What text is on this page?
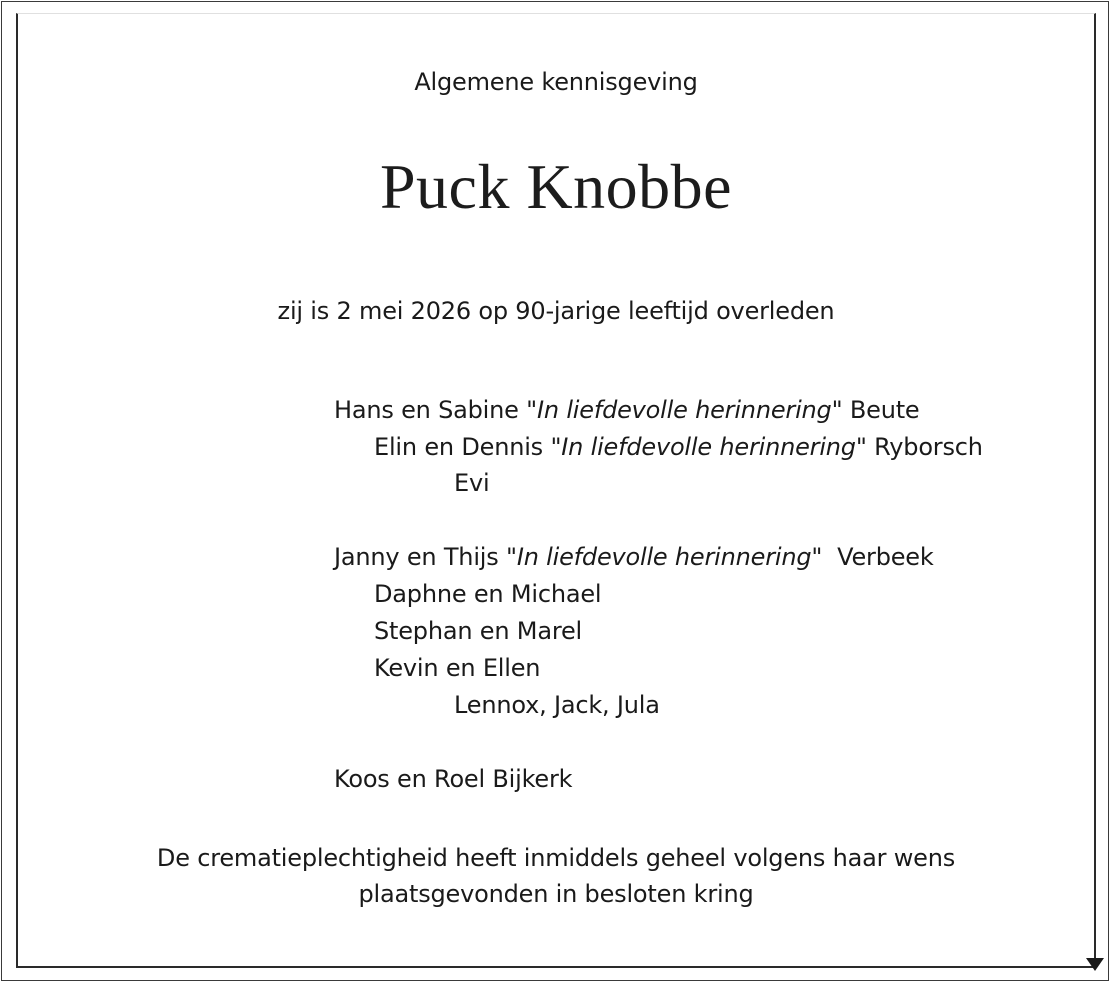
Algemene kennisgeving
Puck Knobbe
zij is 2 mei 2026 op 90-jarige leeftijd overleden
Hans en Sabine "In liefdevolle herinnering" Beute
Elin en Dennis "In liefdevolle herinnering" Ryborsch
Evi
Janny en Thijs "In liefdevolle herinnering" Verbeek
Daphne en Michael
Stephan en Marel
Kevin en Ellen
Lennox, Jack, Jula
Koos en Roel Bijkerk
De crematieplechtigheid heeft inmiddels geheel volgens haar wens
plaatsgevonden in besloten kring
